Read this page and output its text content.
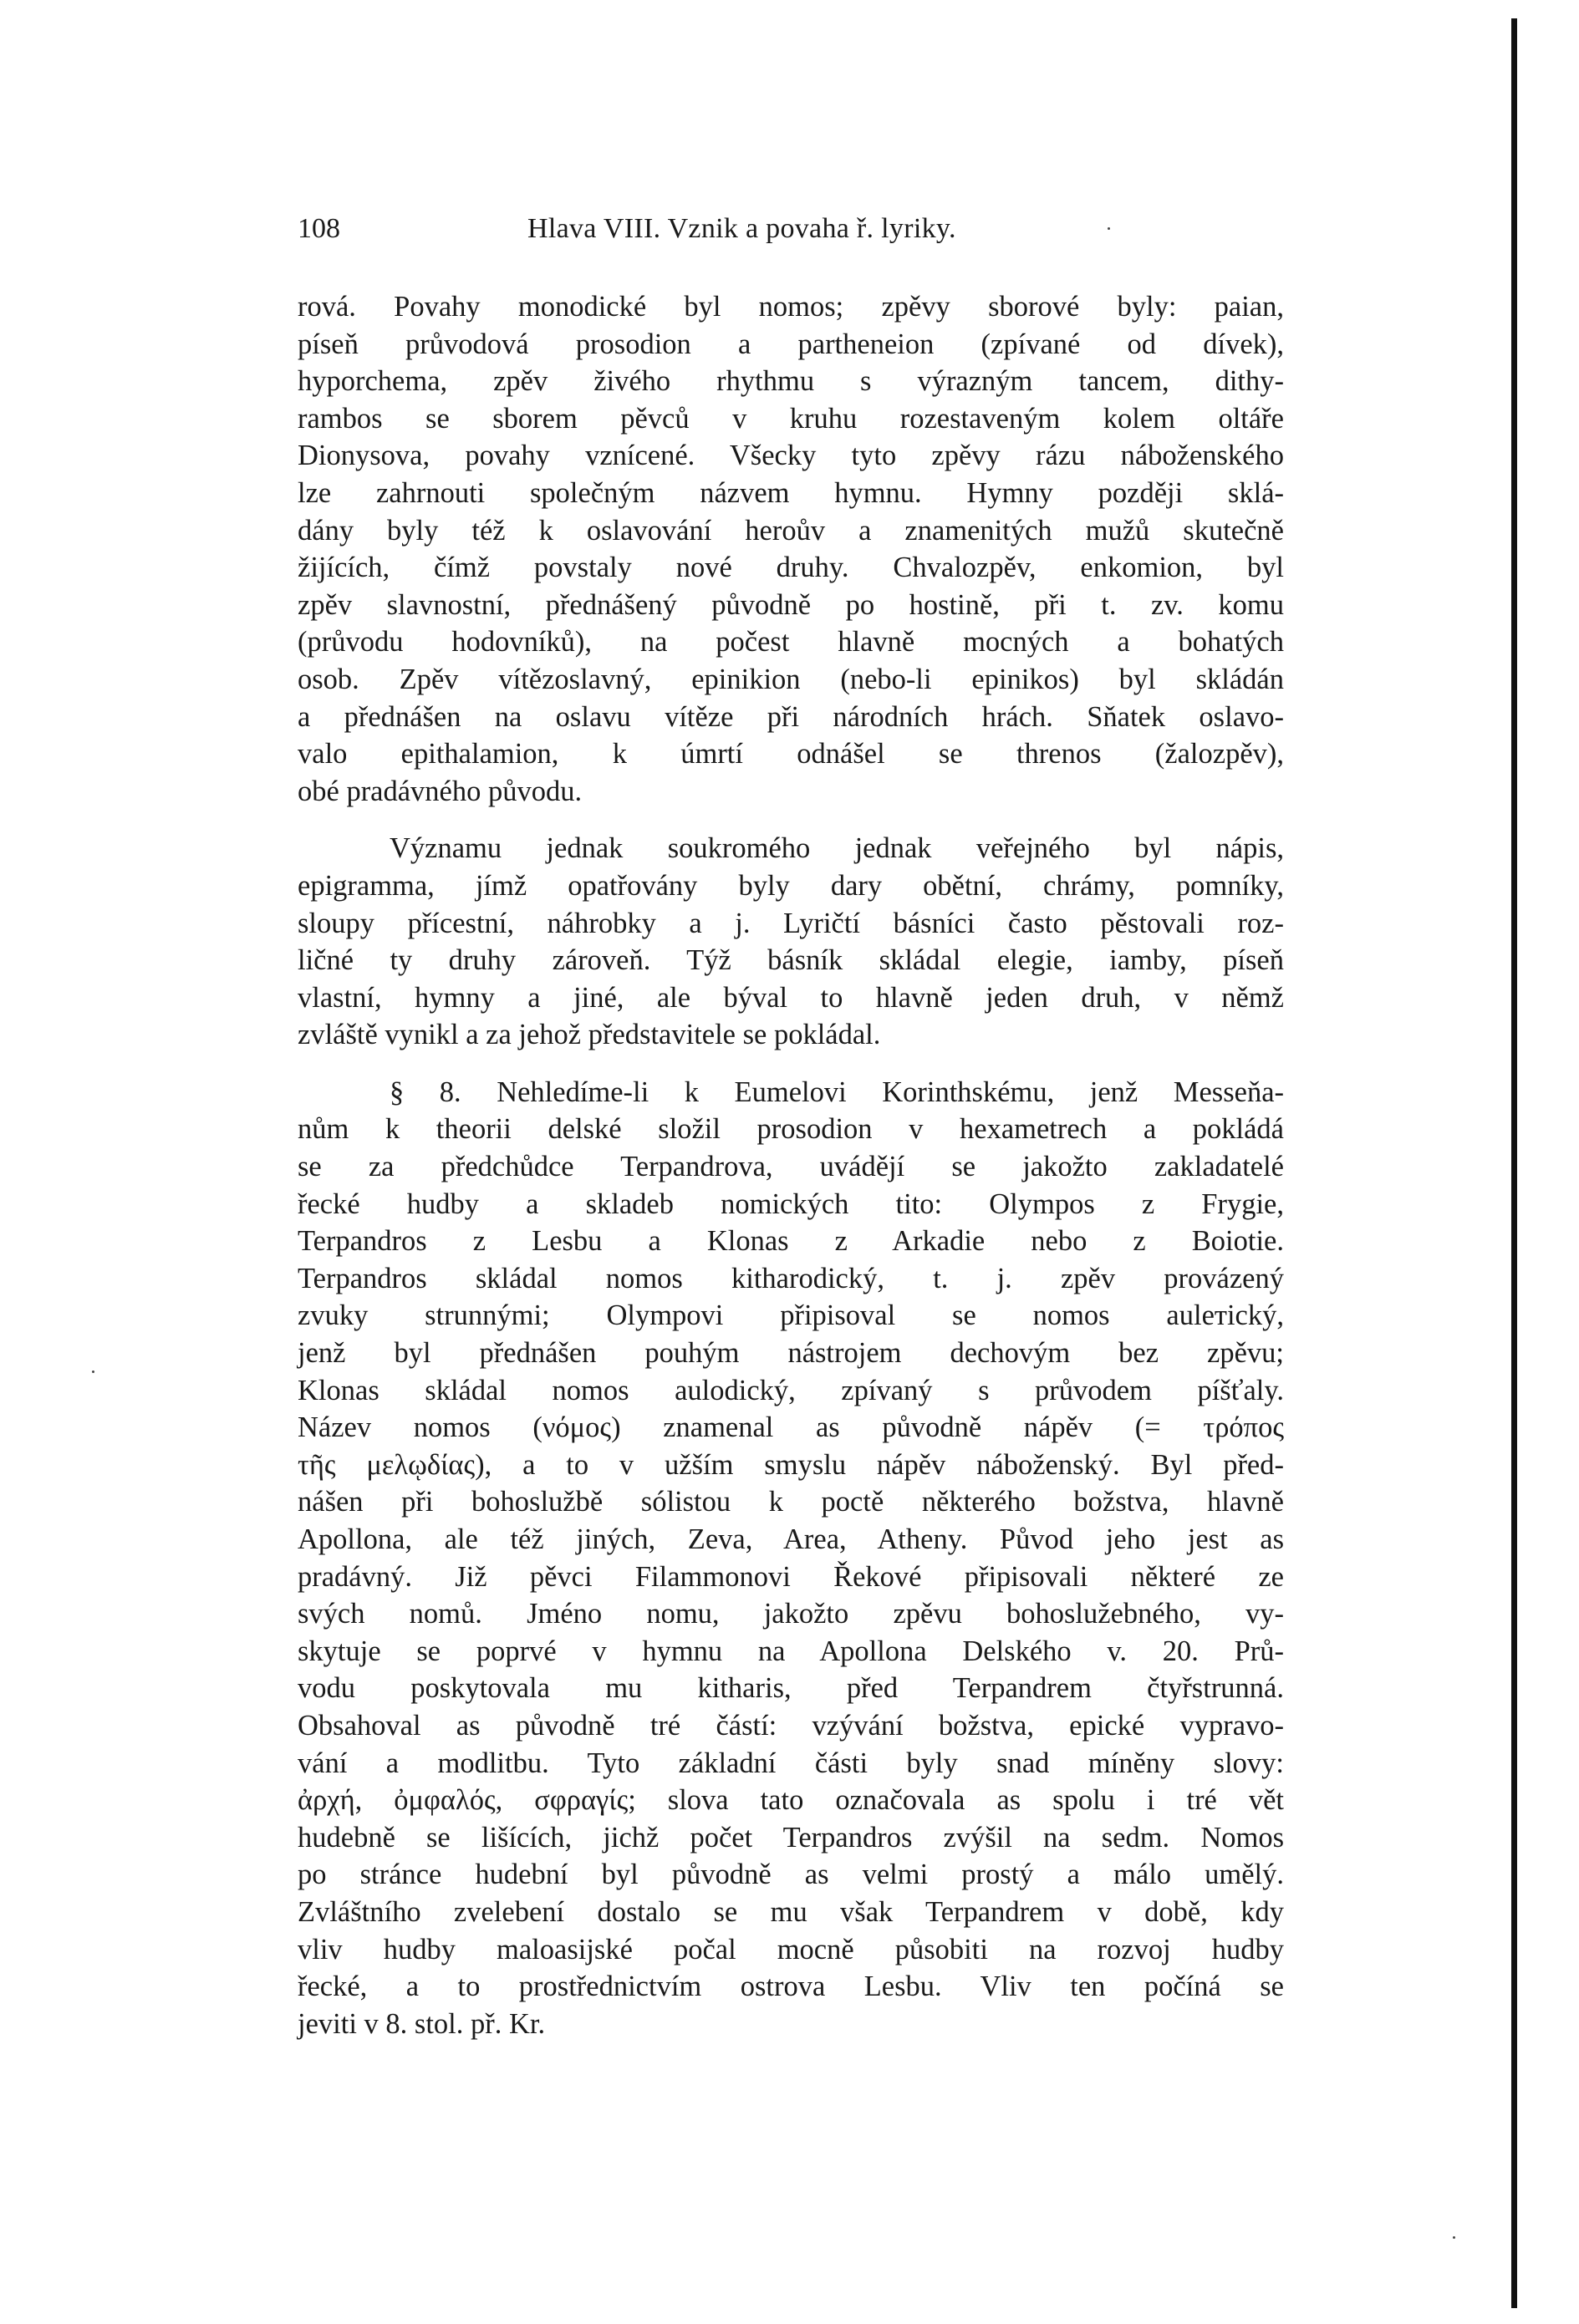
108	Hlava VIII. Vznik a povaha ř. lyriky.
rová. Povahy monodické byl nomos; zpěvy sborové byly: paian,
píseň průvodová prosodion a partheneion (zpívané od dívek),
hyporchema, zpěv živého rhythmu s výrazným tancem, dithy-
rambos se sborem pěvců v kruhu rozestaveným kolem oltáře
Dionysova, povahy vznícené. Všecky tyto zpěvy rázu náboženského
lze zahrnouti společným názvem hymnu. Hymny později sklá-
dány byly též k oslavování heroův a znamenitých mužů skutečně
žijících, čímž povstaly nové druhy. Chvalozpěv, enkomion, byl
zpěv slavnostní, přednášený původně po hostině, při t. zv. komu
(průvodu hodovníků), na počest hlavně mocných a bohatých
osob. Zpěv vítězoslavný, epinikion (nebo-li epinikos) byl skládán
a přednášen na oslavu vítěze při národních hrách. Sňatek oslavo-
valo epithalamion, k úmrtí odnášel se threnos (žalozpěv),
obé pradávného původu.
Významu jednak soukromého jednak veřejného byl nápis,
epigramma, jímž opatřovány byly dary obětní, chrámy, pomníky,
sloupy přícestní, náhrobky a j. Lyričtí básníci často pěstovali roz-
ličné ty druhy zároveň. Týž básník skládal elegie, iamby, píseň
vlastní, hymny a jiné, ale býval to hlavně jeden druh, v němž
zvláště vynikl a za jehož představitele se pokládal.
§ 8. Nehledíme-li k Eumelovi Korinthskému, jenž Messeňa-
nům k theorii delské složil prosodion v hexametrech a pokládá
se za předchůdce Terpandrova, uvádějí se jakožto zakladatelé
řecké hudby a skladeb nomických tito: Olympos z Frygie,
Terpandros z Lesbu a Klonas z Arkadie nebo z Boiotie.
Terpandros skládal nomos kitharodický, t. j. zpěv provázený
zvuky strunnými; Olympovi připisoval se nomos aulетický,
jenž byl přednášen pouhým nástrojem dechovým bez zpěvu;
Klonas skládal nomos aulodický, zpívaný s průvodem píšťaly.
Název nomos (νόμος) znamenal as původně nápěv (= τρόπος
τῆς μελῳδίας), a to v užším smyslu nápěv náboženský. Byl před-
nášen při bohoslužbě sólistou k poctě některého božstva, hlavně
Apollona, ale též jiných, Zeva, Area, Atheny. Původ jeho jest as
pradávný. Již pěvci Filammonovi Řekové připisovali některé ze
svých nomů. Jméno nomu, jakožto zpěvu bohoslužebného, vy-
skytuje se poprvé v hymnu na Apollona Delského v. 20. Prů-
vodu poskytovala mu kitharis, před Terpandrem čtyřstrunná.
Obsahoval as původně tré částí: vzývání božstva, epické vypravo-
vání a modlitbu. Tyto základní části byly snad míněny slovy:
ἀρχή, ὀμφαλός, σφραγίς; slova tato označovala as spolu i tré vět
hudebně se lišících, jichž počet Terpandros zvýšil na sedm. Nomos
po stránce hudební byl původně as velmi prostý a málo umělý.
Zvláštního zvelebení dostalo se mu však Terpandrem v době, kdy
vliv hudby maloasijské počal mocně působiti na rozvoj hudby
řecké, a to prostřednictvím ostrova Lesbu. Vliv ten počíná se
jeviti v 8. stol. př. Kr.
